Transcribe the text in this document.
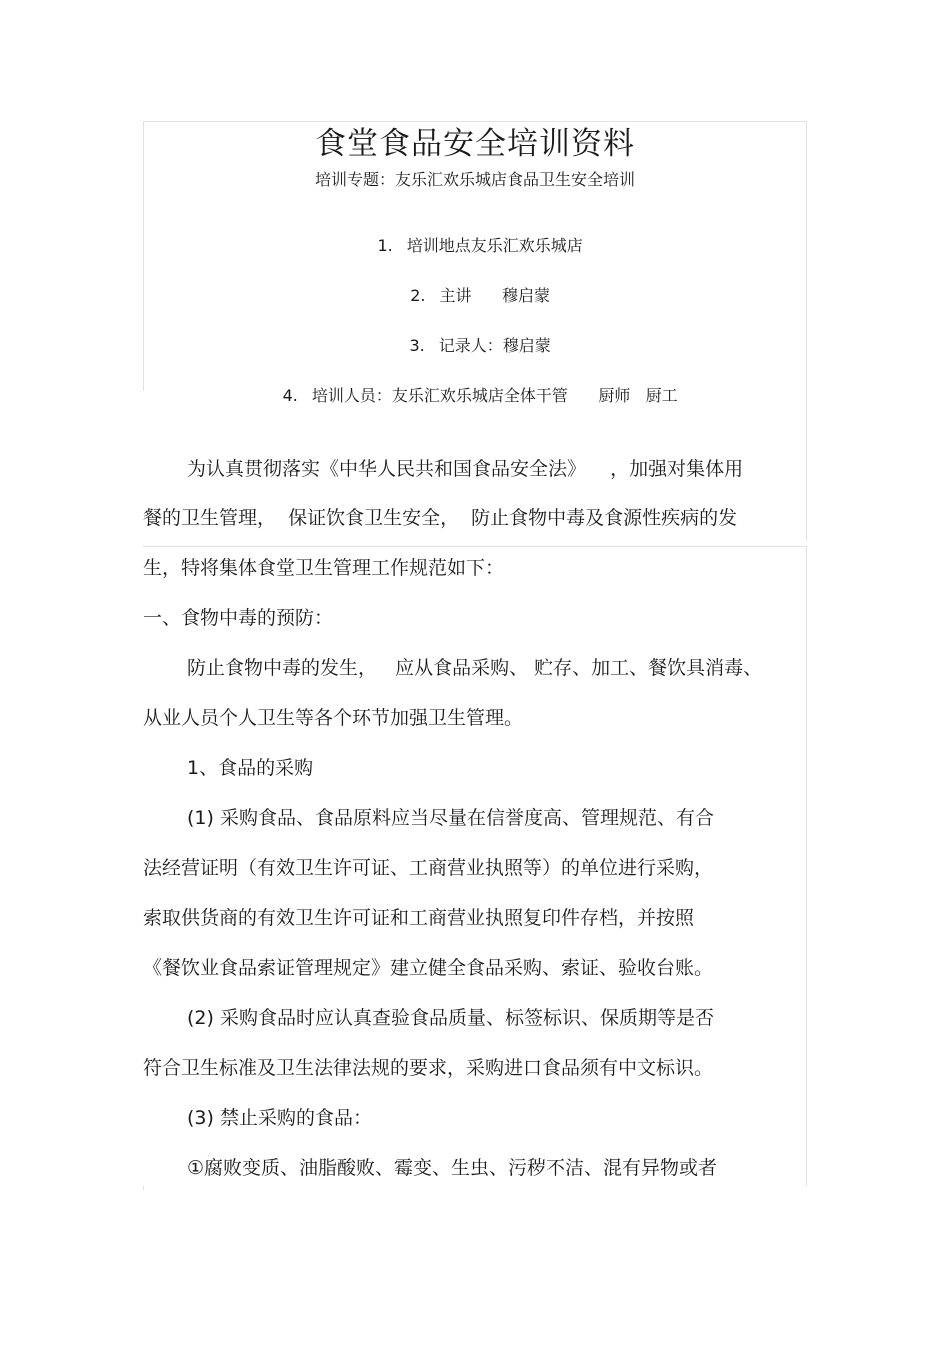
食堂食品安全培训资料
培训专题：友乐汇欢乐城店食品卫生安全培训

1. 培训地点友乐汇欢乐城店

2. 主讲      穆启蒙

3. 记录人：穆启蒙

4. 培训人员：友乐汇欢乐城店全体干管      厨师   厨工

为认真贯彻落实《中华人民共和国食品安全法》    ，加强对集体用
餐的卫生管理，  保证饮食卫生安全，  防止食物中毒及食源性疾病的发
生，特将集体食堂卫生管理工作规范如下：
一、食物中毒的预防：
防止食物中毒的发生，   应从食品采购、 贮存、加工、餐饮具消毒、
从业人员个人卫生等各个环节加强卫生管理。
1、食品的采购
(1) 采购食品、食品原料应当尽量在信誉度高、管理规范、有合
法经营证明（有效卫生许可证、工商营业执照等）的单位进行采购，
索取供货商的有效卫生许可证和工商营业执照复印件存档，并按照
《餐饮业食品索证管理规定》建立健全食品采购、索证、验收台账。
(2) 采购食品时应认真查验食品质量、标签标识、保质期等是否
符合卫生标准及卫生法律法规的要求，采购进口食品须有中文标识。
(3) 禁止采购的食品：
①腐败变质、油脂酸败、霉变、生虫、污秽不洁、混有异物或者
